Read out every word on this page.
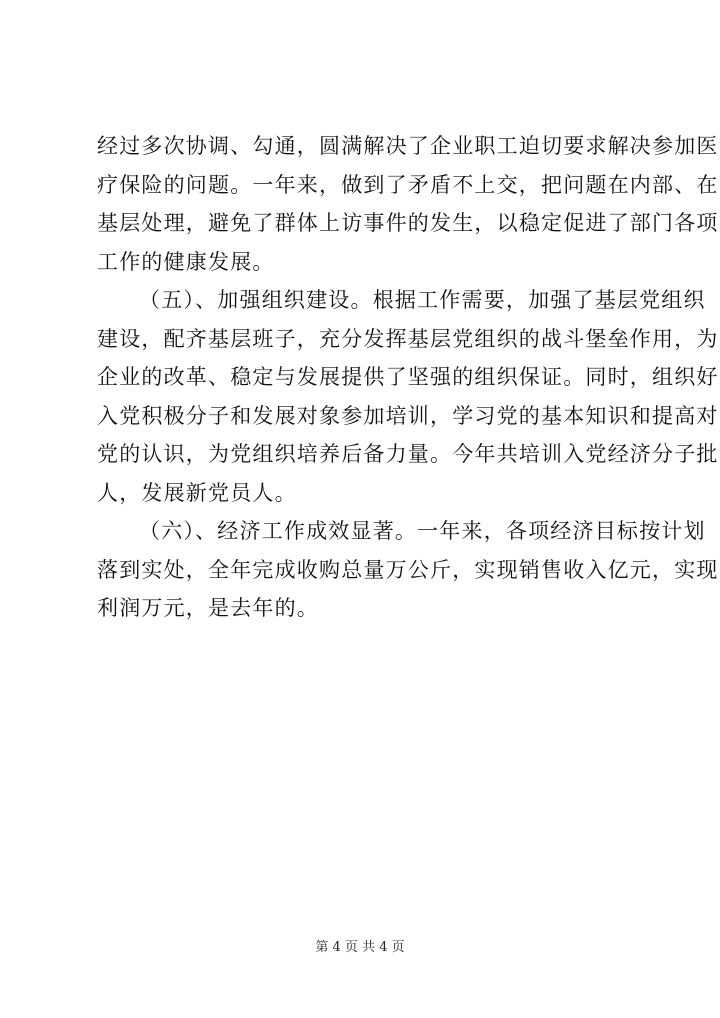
经过多次协调、勾通，圆满解决了企业职工迫切要求解决参加医
疗保险的问题。一年来，做到了矛盾不上交，把问题在内部、在
基层处理，避免了群体上访事件的发生，以稳定促进了部门各项
工作的健康发展。
（五）、加强组织建设。根据工作需要，加强了基层党组织
建设，配齐基层班子，充分发挥基层党组织的战斗堡垒作用，为
企业的改革、稳定与发展提供了坚强的组织保证。同时，组织好
入党积极分子和发展对象参加培训，学习党的基本知识和提高对
党的认识，为党组织培养后备力量。今年共培训入党经济分子批
人，发展新党员人。
（六）、经济工作成效显著。一年来，各项经济目标按计划
落到实处，全年完成收购总量万公斤，实现销售收入亿元，实现
利润万元，是去年的。
第 4 页 共 4 页
